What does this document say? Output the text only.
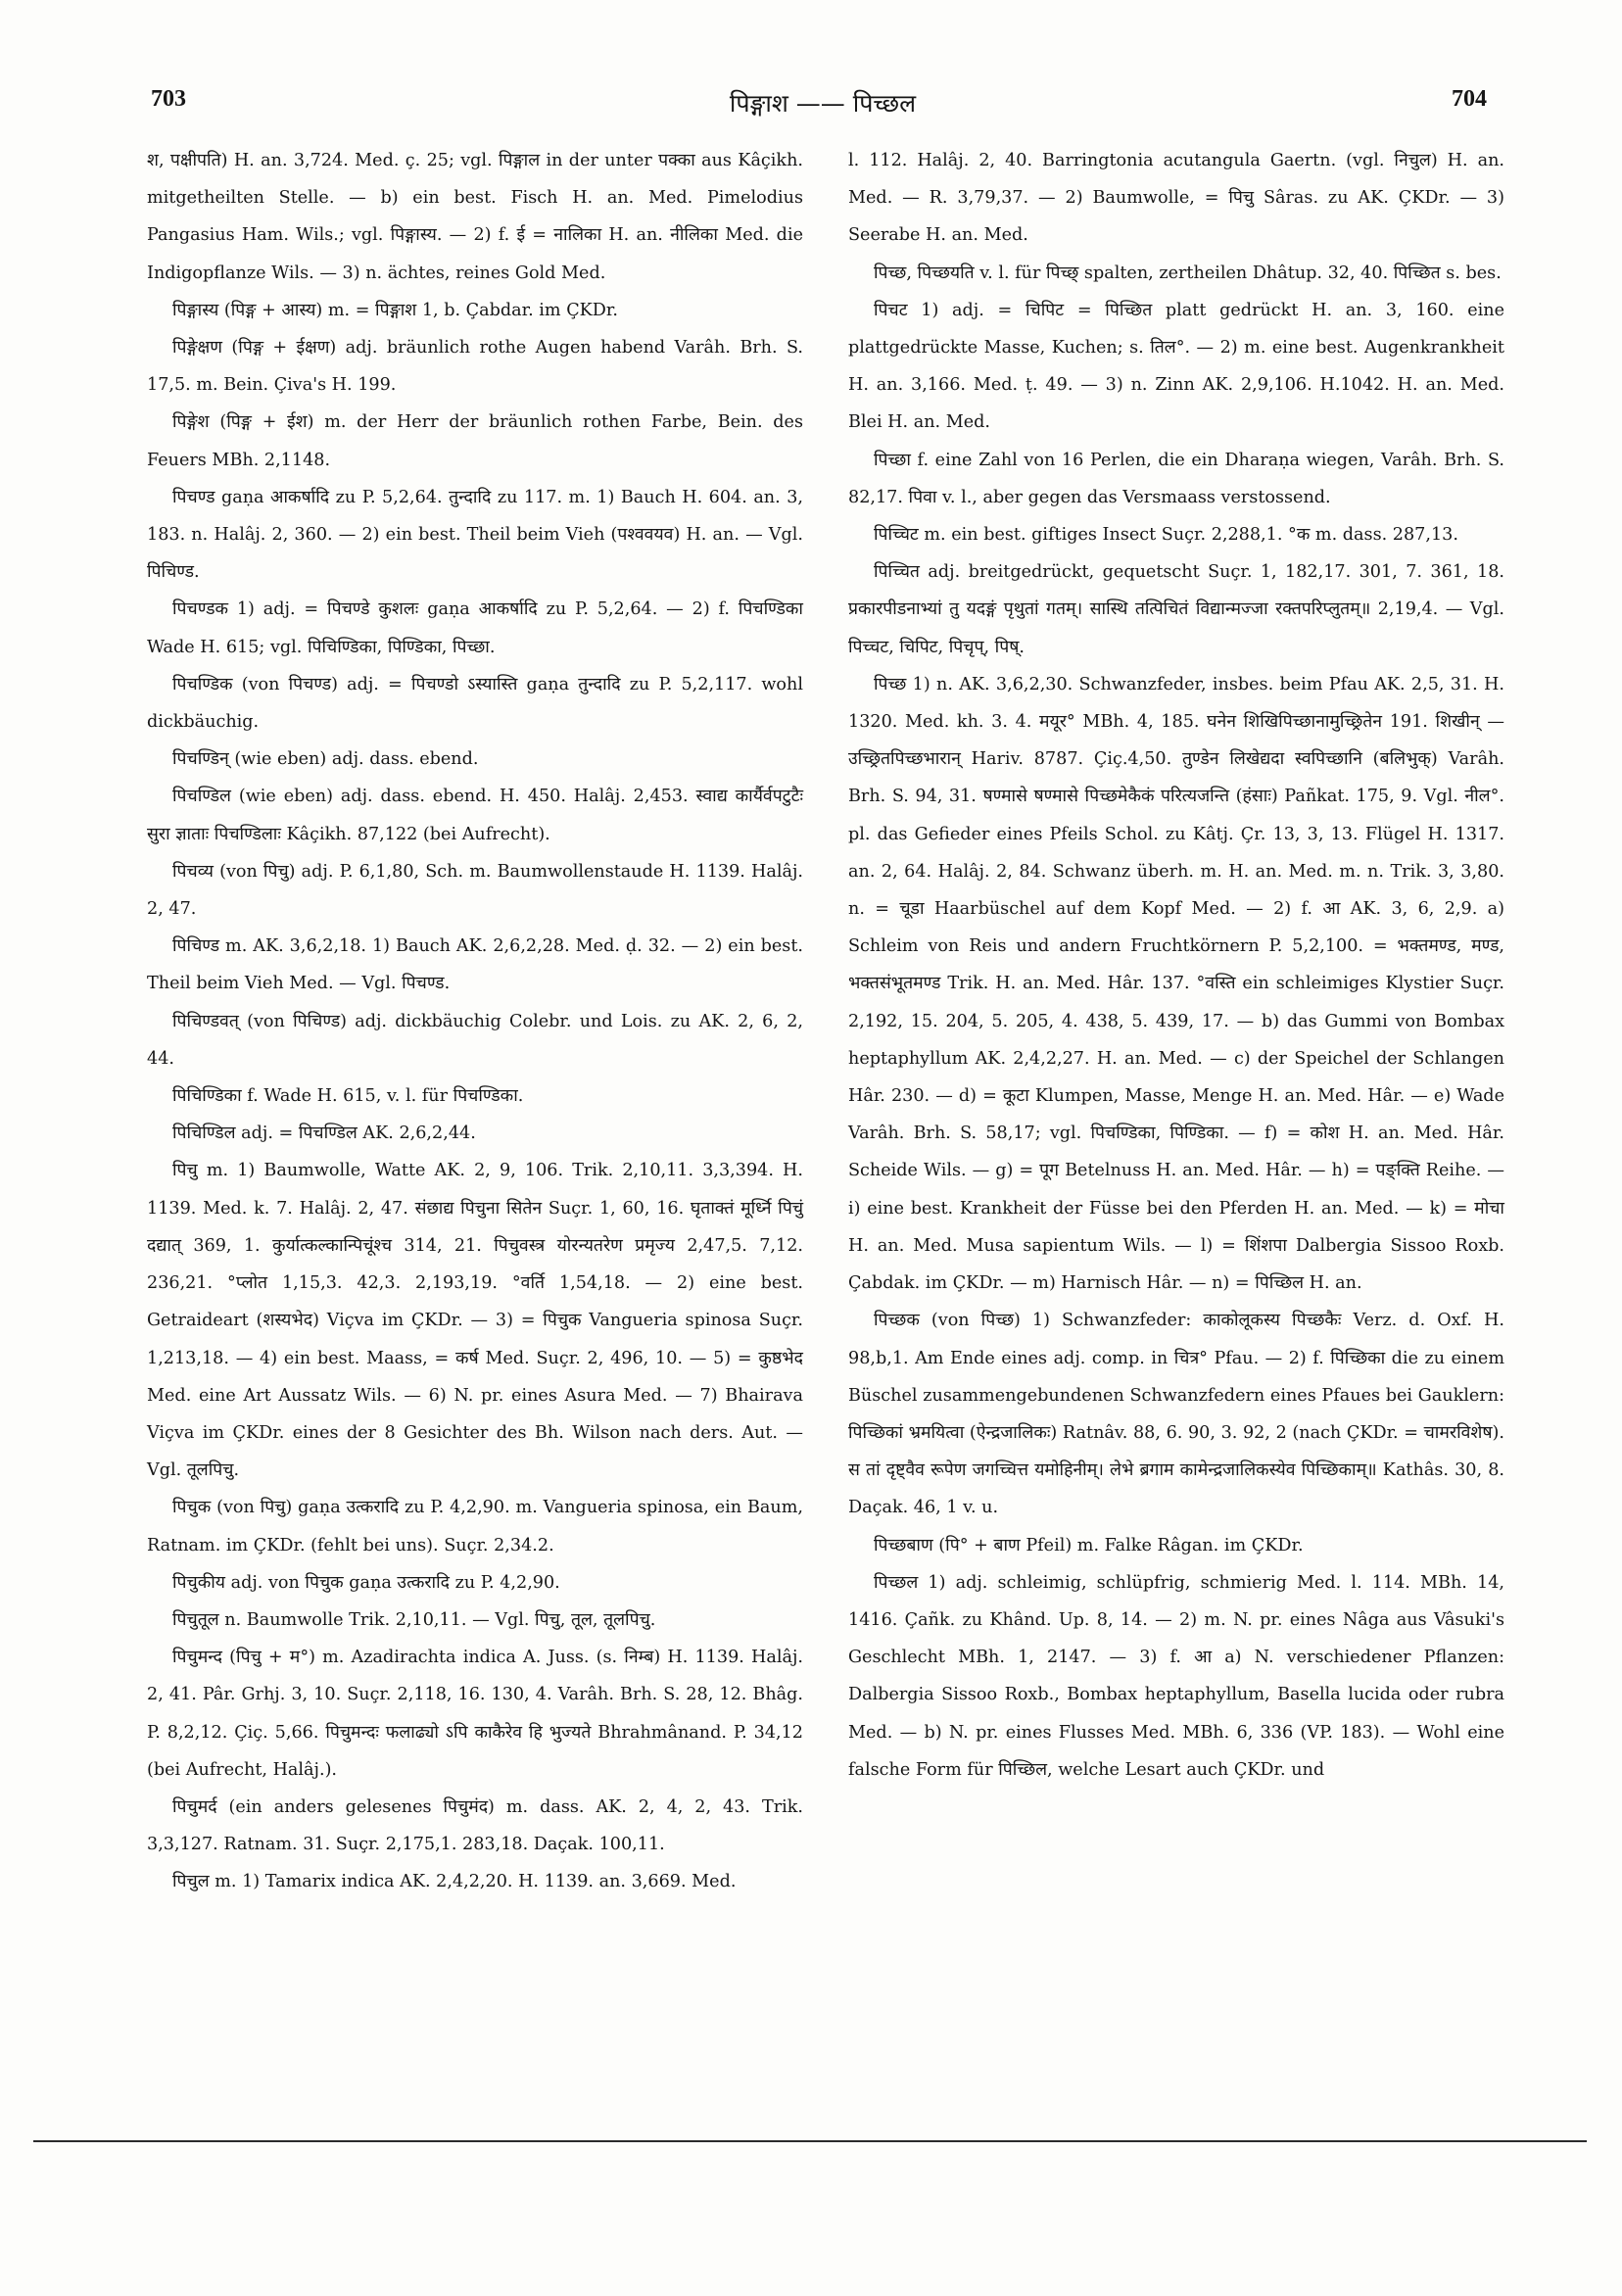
703	पिङ्गाश —— पिच्छल	704

श, पक्षीपति) H. an. 3,724. Med. ç. 25; vgl. पिङ्गाल in der unter पक्का aus Kâçikh. mitgetheilten Stelle. — b) ein best. Fisch H. an. Med. Pimelodius Pangasius Ham. Wils.; vgl. पिङ्गास्य. — 2) f. ई = नालिका H. an. नीलिका Med. die Indigopflanze Wils. — 3) n. ächtes, reines Gold Med.

पिङ्गास्य (पिङ्ग + आस्य) m. = पिङ्गाश 1, b. Çabdar. im ÇKDr.

पिङ्गेक्षण (पिङ्ग + ईक्षण) adj. bräunlich rothe Augen habend Varâh. Brh. S. 17,5. m. Bein. Çiva's H. 199.

पिङ्गेश (पिङ्ग + ईश) m. der Herr der bräunlich rothen Farbe, Bein. des Feuers MBh. 2,1148.

पिचण्ड gaṇa आकर्षादि zu P. 5,2,64. तुन्दादि zu 117. m. 1) Bauch H. 604. an. 3, 183. n. Halâj. 2, 360. — 2) ein best. Theil beim Vieh (पश्ववयव) H. an. — Vgl. पिचिण्ड.

पिचण्डक 1) adj. = पिचण्डे कुशलः gaṇa आकर्षादि zu P. 5,2,64. — 2) f. पिचण्डिका Wade H. 615; vgl. पिचिण्डिका, पिण्डिका, पिच्छा.

पिचण्डिक (von पिचण्ड) adj. = पिचण्डो ऽस्यास्ति gaṇa तुन्दादि zu P. 5,2,117. wohl dickbäuchig.

पिचण्डिन् (wie eben) adj. dass. ebend.

पिचण्डिल (wie eben) adj. dass. ebend. H. 450. Halâj. 2,453. स्वाद्य कार्यैर्वपटुटैः सुरा ज्ञाताः पिचण्डिलाः Kâçikh. 87,122 (bei Aufrecht).

पिचव्य (von पिचु) adj. P. 6,1,80, Sch. m. Baumwollenstaude H. 1139. Halâj. 2, 47.

पिचिण्ड m. AK. 3,6,2,18. 1) Bauch AK. 2,6,2,28. Med. ḍ. 32. — 2) ein best. Theil beim Vieh Med. — Vgl. पिचण्ड.

पिचिण्डवत् (von पिचिण्ड) adj. dickbäuchig Colebr. und Lois. zu AK. 2, 6, 2, 44.

पिचिण्डिका f. Wade H. 615, v. l. für पिचण्डिका.

पिचिण्डिल adj. = पिचण्डिल AK. 2,6,2,44.

पिचु m. 1) Baumwolle, Watte AK. 2, 9, 106. Trik. 2,10,11. 3,3,394. H. 1139. Med. k. 7. Halâj. 2, 47. संछाद्य पिचुना सितेन Suçr. 1, 60, 16. घृताक्तं मूर्ध्नि पिचुं दद्यात् 369, 1. कुर्यात्कल्कान्पिचूंश्च 314, 21. पिचुवस्त्र योरन्यतरेण प्रमृज्य 2,47,5. 7,12. 236,21. °प्लोत 1,15,3. 42,3. 2,193,19. °वर्ति 1,54,18. — 2) eine best. Getraideart (शस्यभेद) Viçva im ÇKDr. — 3) = पिचुक Vangueria spinosa Suçr. 1,213,18. — 4) ein best. Maass, = कर्ष Med. Suçr. 2, 496, 10. — 5) = कुष्ठभेद Med. eine Art Aussatz Wils. — 6) N. pr. eines Asura Med. — 7) Bhairava Viçva im ÇKDr. eines der 8 Gesichter des Bh. Wilson nach ders. Aut. — Vgl. तूलपिचु.

पिचुक (von पिचु) gaṇa उत्करादि zu P. 4,2,90. m. Vangueria spinosa, ein Baum, Ratnam. im ÇKDr. (fehlt bei uns). Suçr. 2,34.2.

पिचुकीय adj. von पिचुक gaṇa उत्करादि zu P. 4,2,90.

पिचुतूल n. Baumwolle Trik. 2,10,11. — Vgl. पिचु, तूल, तूलपिचु.

पिचुमन्द (पिचु + म°) m. Azadirachta indica A. Juss. (s. निम्ब) H. 1139. Halâj. 2, 41. Pâr. Grhj. 3, 10. Suçr. 2,118, 16. 130, 4. Varâh. Brh. S. 28, 12. Bhâg. P. 8,2,12. Çiç. 5,66. पिचुमन्दः फलाढ्यो ऽपि काकैरेव हि भुज्यते Bhrahmânand. P. 34,12 (bei Aufrecht, Halâj.).

पिचुमर्द (ein anders gelesenes पिचुमंद) m. dass. AK. 2, 4, 2, 43. Trik. 3,3,127. Ratnam. 31. Suçr. 2,175,1. 283,18. Daçak. 100,11.

पिचुल m. 1) Tamarix indica AK. 2,4,2,20. H. 1139. an. 3,669. Med.

l. 112. Halâj. 2, 40. Barringtonia acutangula Gaertn. (vgl. निचुल) H. an. Med. — R. 3,79,37. — 2) Baumwolle, = पिचु Sâras. zu AK. ÇKDr. — 3) Seerabe H. an. Med.

पिच्छ, पिच्छयति v. l. für पिच्छ् spalten, zertheilen Dhâtup. 32, 40. पिच्छित s. bes.

पिचट 1) adj. = चिपिट = पिच्छित platt gedrückt H. an. 3, 160. eine plattgedrückte Masse, Kuchen; s. तिल°. — 2) m. eine best. Augenkrankheit H. an. 3,166. Med. ṭ. 49. — 3) n. Zinn AK. 2,9,106. H.1042. H. an. Med. Blei H. an. Med.

पिच्छा f. eine Zahl von 16 Perlen, die ein Dharaṇa wiegen, Varâh. Brh. S. 82,17. पिवा v. l., aber gegen das Versmaass verstossend.

पिच्चिट m. ein best. giftiges Insect Suçr. 2,288,1. °क m. dass. 287,13.

पिच्चित adj. breitgedrückt, gequetscht Suçr. 1, 182,17. 301, 7. 361, 18. प्रकारपीडनाभ्यां तु यदङ्गं पृथुतां गतम्। सास्थि तत्पिचितं विद्यान्मज्जा रक्तपरिप्लुतम्॥ 2,19,4. — Vgl. पिच्चट, चिपिट, पिचृप्, पिष्.

पिच्छ 1) n. AK. 3,6,2,30. Schwanzfeder, insbes. beim Pfau AK. 2,5, 31. H. 1320. Med. kh. 3. 4. मयूर° MBh. 4, 185. घनेन शिखिपिच्छानामुच्छ्रितेन 191. शिखीन् — उच्छ्रितपिच्छभारान् Hariv. 8787. Çiç.4,50. तुण्डेन लिखेद्यदा स्वपिच्छानि (बलिभुक्) Varâh. Brh. S. 94, 31. षण्मासे षण्मासे पिच्छमेकैकं परित्यजन्ति (हंसाः) Pañkat. 175, 9. Vgl. नील°. pl. das Gefieder eines Pfeils Schol. zu Kâtj. Çr. 13, 3, 13. Flügel H. 1317. an. 2, 64. Halâj. 2, 84. Schwanz überh. m. H. an. Med. m. n. Trik. 3, 3,80. n. = चूडा Haarbüschel auf dem Kopf Med. — 2) f. आ AK. 3, 6, 2,9. a) Schleim von Reis und andern Fruchtkörnern P. 5,2,100. = भक्तमण्ड, मण्ड, भक्तसंभूतमण्ड Trik. H. an. Med. Hâr. 137. °वस्ति ein schleimiges Klystier Suçr. 2,192, 15. 204, 5. 205, 4. 438, 5. 439, 17. — b) das Gummi von Bombax heptaphyllum AK. 2,4,2,27. H. an. Med. — c) der Speichel der Schlangen Hâr. 230. — d) = कूटा Klumpen, Masse, Menge H. an. Med. Hâr. — e) Wade Varâh. Brh. S. 58,17; vgl. पिचण्डिका, पिण्डिका. — f) = कोश H. an. Med. Hâr. Scheide Wils. — g) = पूग Betelnuss H. an. Med. Hâr. — h) = पङ्क्ति Reihe. — i) eine best. Krankheit der Füsse bei den Pferden H. an. Med. — k) = मोचा H. an. Med. Musa sapientum Wils. — l) = शिंशपा Dalbergia Sissoo Roxb. Çabdak. im ÇKDr. — m) Harnisch Hâr. — n) = पिच्छिल H. an.

पिच्छक (von पिच्छ) 1) Schwanzfeder: काकोलूकस्य पिच्छकैः Verz. d. Oxf. H. 98,b,1. Am Ende eines adj. comp. in चित्र° Pfau. — 2) f. पिच्छिका die zu einem Büschel zusammengebundenen Schwanzfedern eines Pfaues bei Gauklern: पिच्छिकां भ्रमयित्वा (ऐन्द्रजालिकः) Ratnâv. 88, 6. 90, 3. 92, 2 (nach ÇKDr. = चामरविशेष). स तां दृष्ट्वैव रूपेण जगच्चित्त यमोहिनीम्। लेभे ब्रगाम कामेन्द्रजालिकस्येव पिच्छिकाम्॥ Kathâs. 30, 8. Daçak. 46, 1 v. u.

पिच्छबाण (पि° + बाण Pfeil) m. Falke Râgan. im ÇKDr.

पिच्छल 1) adj. schleimig, schlüpfrig, schmierig Med. l. 114. MBh. 14, 1416. Çañk. zu Khând. Up. 8, 14. — 2) m. N. pr. eines Nâga aus Vâsuki's Geschlecht MBh. 1, 2147. — 3) f. आ a) N. verschiedener Pflanzen: Dalbergia Sissoo Roxb., Bombax heptaphyllum, Basella lucida oder rubra Med. — b) N. pr. eines Flusses Med. MBh. 6, 336 (VP. 183). — Wohl eine falsche Form für पिच्छिल, welche Lesart auch ÇKDr. und
